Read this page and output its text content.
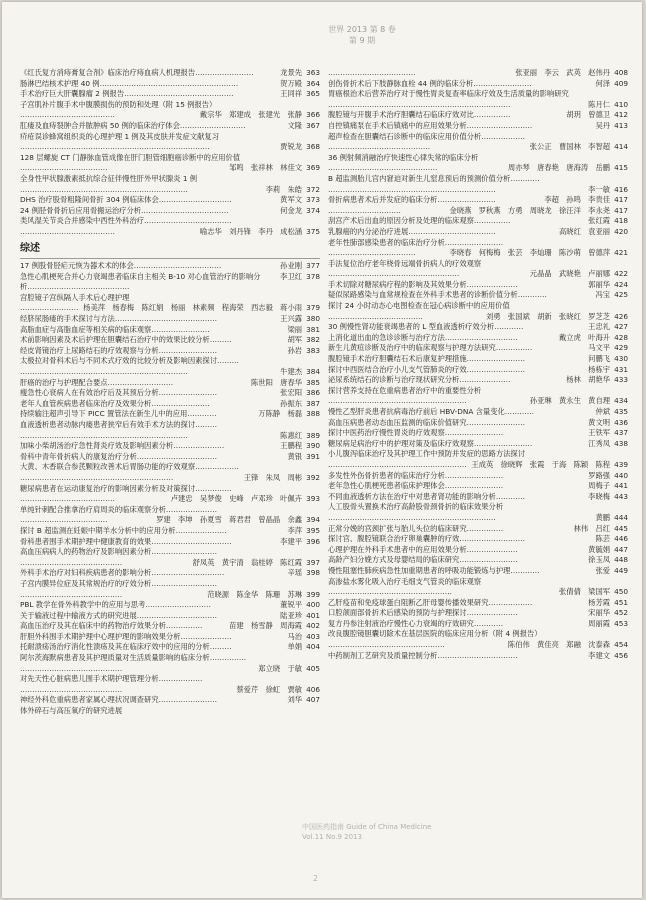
世界 2013 第 8 卷
第 9 期
363
龙景先
《红氏复方消痔膏复合剂》临床治疗痔血病人机理报告……………………
364
贺万殿
肠淋巴结核术护理 40 例…………………………………………………
365
王同祥
手术治疗巨大肝囊腺瘤 2 例报告………………………………………
子宫肌补片腹手术中腹膜损伤的预防和处理（附 15 例报告）
366
戴宗华　郑建成　张建光　张静
…………………………………
367
文隆
肛瘘及血痔裂肿合并脓肿病 50 例的临床治疗体会………………………
疥疮误诊蜂窝组织炎的心理护理 1 例及其皮肤并发症文献复习
368
贾锐龙
……………………………………………………………………
128 层螺旋 CT 门静脉血管成像在肝门胆管细胞癌诊断中的应用价值
369
邹鸣　张祥林　林佳文
………………………………
全身性甲状腺激素抵抗综合征伴慢性肝外甲状腺炎 1 例
372
李莉　朱皓
……………………………………………………………
373
黄军文
DHS 治疗股骨粗隆间骨折 304 例临床体会…………………………
374
何金龙
24 例胫骨骨折后应用骨搬运治疗分析………………………………
类风湿关节炎合并感染中西性外科治疗………………………………
375
喻志华　刘丹锋　李丹　成松涵
…………………………………
综述
377
孙业刚
17 例股骨胫疟元恢为器术术的体会………………………………
378
李卫红
急性心肌梗死合并心力衰竭患者临床自主相关 B-10 对心血管治疗的影响分析……………………………………
宫腔镜子宫纵隔人手术后心理护理
379
杨美萍　杨春梅　陈红娟　杨丽　林素频　程海荣　西志毅　蒋小雨
……………………
380
王兴露
经脐尿肠瘘的手术探讨与方法……………………………………
381
梁丽
高脂血症与高脂血症等相关病的临床观察……………………
382
胡军
术前影响因素及术后护理在胆囊结石治疗中的效果比较分析………
383
孙岩
经皮肾镜治疗上尿路结石的疗效观察与分析……………………
太极拉对骨科术后与不同术式疗效的比较分析及影响因素探讨………
384
牛建杰
……………………………………………………………
385
陈世阳　唐春华
肝癌的治疗与护理配合要点………………………
386
张宏阳
瘦急性心衰病人在有效治疗后及其预后分析……………………
387
孙振东
老年人血管疾病患者临床治疗及效果分析……………………
388
万陈静　杨磊
持续输注超声引导下 PICC 置管法在新生儿中的应用…………
血液透析患者动脉内瘘患者狭窄后有效手术方法的探讨………
389
陈惠红
……………………………………………………………
390
王鹏程
加味小柴胡汤治疗急性肾炎疗效及影响因素分析…………………
391
黄银
骨科中青年骨折病人的康复治疗分析……………………………
大黄、木香联合参芪颗粒改善术后胃肠功能的疗效观察………………
392
王锋　朱凤　周彬
………………………………………………………
糖尿病患者在运动康复治疗的影响因素分析及对策探讨……………
393
卢建忠　吴梦俊　史峰　卢邓珍　叶佩卉
…………………………………
单纯针刺配合推拿治疗肩周炎的临床观察分析…………………
394
罗建　李坤　孙夏雪　蒋君君　曾晶晶　余鑫
………………………………
395
李萍
探讨 B 超监测在妊娠中期羊水分析中的应用分析…………………
396
李建平
骨科患者围手术期护理中健康教育的效果……………………………
高血压病病人的药物治疗及影响因素分析………………………
397
舒凤英　黄宇清　翁桂婷　陈红霞
……………………………………
398
辛瑶
外科手术治疗对妇科疾病患者的影响分析…………………………
子宫内膜异位症及其常规治疗的疗效分析………………………
399
范晓源　陈金华　陈珊　苏琳
……………………………………
400
董锐平
PBL 教学在骨外科教学中的应用与思考………………………
401
陆亚珍
关于输液过程中输液方式的研究进展……………………………
402
苗建　杨雪静　周海霞
高血压治疗及其在临床中的药物治疗效果分析……………
403
马治
肝胆外科围手术期护理中心理护理的影响效果分析…………………
404
单娟
托耐溃疡汤治疗消化性溃疡及其在临床疗效中的应用的分析………
阿尔茨海默病患者及其护理质量对生活质量影响的临床分析……………
405
郑立晓　于敏
……………………………………
对先天性心脏病患儿围手术期护理管理分析………………
406
蔡爱芹　徐虹　贾敏
……………………………………
407
刘华
神经外科危重病患者家属心理状况调查研究……………………
体外碎石与高压氧疗的研究进展
408
张亚丽　李云　武英　赵伟丹
………………………………
409
何泽
创伤骨折术后下肢静脉血栓 44 例的临床分析……………………
胃癌根治术后营养治疗对于慢性胃炎复查率临床疗效及生活质量的影响研究
410
陈月仁
…………………………………………………………………
412
胡玥　曾德卫
腹腔镜与开腹手术治疗胆囊结石临床疗效对比……………
413
吴丹
自控镇痛泵在手术后镇痛中的应用效果分析………………………
超声检查在胆囊结石诊断中的临床应用价值分析………………
414
张公正　曹国林　李智超
……………………………………
36 例射频消融治疗快速性心律失常的临床分析
415
周亦琴　唐春艳　唐海涛　岳鹏
………………………………………
B 超监测胎儿宫内窘迫对新生儿窒息预后的预测价值分析…………
416
李一敏
……………………………………………………………
417
李超　孙鸣　李贵佳
骨折病患者术后并发症的临床分析……………………
417
金晓燕　罗秋燕　方勇　周晓龙　徐汪洋　李永尧
…………………………
418
张红霞
刮宫产术后出血的原因分析及处理的临床观察……………
420
高晓红　袁亚丽
乳腺癌的内分泌治疗进展………………………………
老年性肺部感染患者的临床治疗分析……………………
421
李晓春　何梅梅　张芸　李灿珊　陈沙萌　曾德萍
………………………………
手法复位治疗老年桡骨远端骨折病人的疗效观察
422
元晶晶　武晓艳　卢丽娜
………………………………………………
424
郭丽华
手术切除对糖尿病疗程的影响及其效果分析…………………
425
冯宝
疑似尿路感染与血常规检查在外科手术患者的诊断价值分析…………
探讨 24 小时动态心电图检查在冠心病诊断中的应用价值
426
刘勇　张国斌　胡新　张晓红　罗芝芝
…………………………………
427
王忠礼
30 例慢性肾功能衰竭患者的 L 型血液透析疗效分析…………
428
戴立虎　叶海升
上消化道出血的急诊诊断与治疗方法…………………………
429
马文平
新生儿黄疸诊断及治疗中的临床观察与护理方法研究……………
430
问鹏飞
腹腔镜手术治疗胆囊结石术后康复护理措施……………………
431
杨栋宇
探讨中西医结合治疗小儿支气管肺炎的疗效……………………
433
杨林　胡艳华
泌尿系统结石的诊断与治疗现状研究分析…………………
探讨营养支持在危重病患者治疗中的重要性分析
434
孙亚琳　黄永生　黄自理
…………………………………………………
435
仲斌
慢性乙型肝炎患者抗病毒治疗前后 HBV-DNA 含量变化…………
436
黄文明
高血压病患者动态血压监测的临床价值研究……………………
437
王铁军
探讨中医药治疗慢性胃炎的疗效观察……………………
438
江秀凤
糖尿病足病治疗中的护理对策及临床疗效观察……………………
小儿腹泻临床治疗及其护理工作中预防并发症的思路方法探讨
439
王成英　徐晓辉　张霞　于海　陈颖　陈程
…………………………………………………
440
罗路强
多发性外伤骨折患者的临床治疗分析……………………
441
周梅子
老年急性心肌梗死患者临床护理体会……………………
443
李晓梅
不同血液透析方法在治疗中对患者肾功能的影响分析…………
人工股骨头置换术治疗高龄股骨颈骨折的临床效果分析
444
黄鹏
……………………………………………………………
445
林伟　吕红
正常分娩的宫颈扩张与胎儿头位的临床研究……………
446
陈芸
探讨宫、腹腔镜联合治疗卵巢囊肿的疗效………………………
447
黄毓娟
心理护理在外科手术患者中的应用效果分析…………………
448
徐玉凤
高龄产妇分娩方式及母婴结局的临床研究……………………
449
张爱
慢性阻塞性肺疾病急性加重期患者的呼吸功能锻炼与护理…………
高渗盐水雾化吸入治疗毛细支气管炎的临床观察
450
张倩倩　梁国军
……………………………………………
451
杨芳霞
乙肝疫苗和免疫球蛋白阻断乙肝母婴传播效果研究………………
452
宋丽华
口腔颌面部骨折术后感染的预防与护理探讨…………………
453
周丽霞
复方丹参注射液治疗慢性心力衰竭的疗效研究…………
改良腹腔镜胆囊切除术在基层医院的临床应用分析（附 4 例报告）
454
陈伯伟　黄佳亮　郑融　沈泰森
…………………………………………
456
李建文
中药制剂工艺研究及质量控制分析……………………………
中国医药指南 Guide of China Medicine
Vol.11 No.9 2013
2
